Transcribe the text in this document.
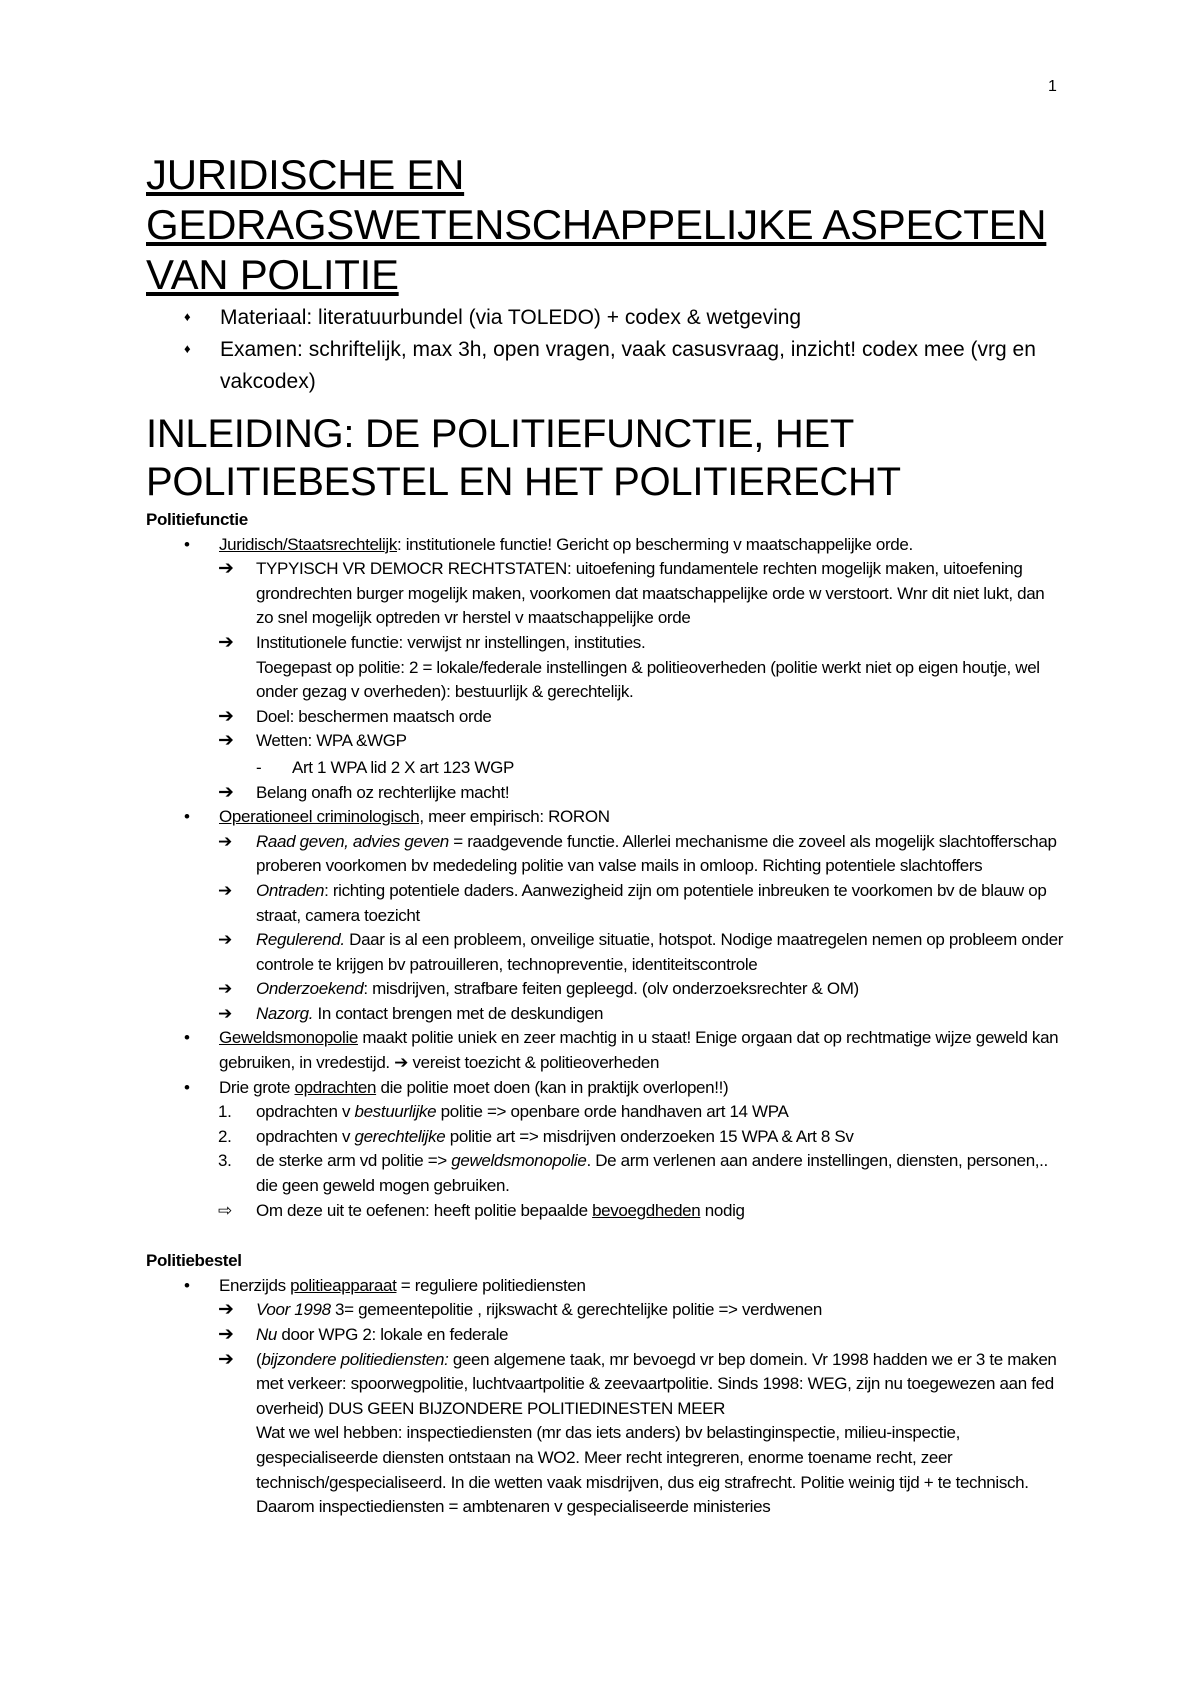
1
JURIDISCHE EN
GEDRAGSWETENSCHAPPELIJKE ASPECTEN
VAN POLITIE
♦ Materiaal: literatuurbundel (via TOLEDO) + codex & wetgeving
♦ Examen: schriftelijk, max 3h, open vragen, vaak casusvraag, inzicht! codex mee (vrg en vakcodex)
INLEIDING: DE POLITIEFUNCTIE, HET
POLITIEBESTEL EN HET POLITIERECHT
Politiefunctie
• Juridisch/Staatsrechtelijk: institutionele functie! Gericht op bescherming v maatschappelijke orde.
➔ TYPYISCH VR DEMOCR RECHTSTATEN: uitoefening fundamentele rechten mogelijk maken, uitoefening grondrechten burger mogelijk maken, voorkomen dat maatschappelijke orde w verstoort. Wnr dit niet lukt, dan zo snel mogelijk optreden vr herstel v maatschappelijke orde
➔ Institutionele functie: verwijst nr instellingen, instituties.
Toegepast op politie: 2 = lokale/federale instellingen & politieoverheden (politie werkt niet op eigen houtje, wel onder gezag v overheden): bestuurlijk & gerechtelijk.
➔ Doel: beschermen maatsch orde
➔ Wetten: WPA &WGP
- Art 1 WPA lid 2 X art 123 WGP
➔ Belang onafh oz rechterlijke macht!
• Operationeel criminologisch, meer empirisch: RORON
➔ Raad geven, advies geven = raadgevende functie. Allerlei mechanisme die zoveel als mogelijk slachtofferschap proberen voorkomen bv mededeling politie van valse mails in omloop. Richting potentiele slachtoffers
➔ Ontraden: richting potentiele daders. Aanwezigheid zijn om potentiele inbreuken te voorkomen bv de blauw op straat, camera toezicht
➔ Regulerend. Daar is al een probleem, onveilige situatie, hotspot. Nodige maatregelen nemen op probleem onder controle te krijgen bv patrouilleren, technopreventie, identiteitscontrole
➔ Onderzoekend: misdrijven, strafbare feiten gepleegd. (olv onderzoeksrechter & OM)
➔ Nazorg. In contact brengen met de deskundigen
• Geweldsmonopolie maakt politie uniek en zeer machtig in u staat! Enige orgaan dat op rechtmatige wijze geweld kan gebruiken, in vredestijd. ➔ vereist toezicht & politieoverheden
• Drie grote opdrachten die politie moet doen (kan in praktijk overlopen!!)
1. opdrachten v bestuurlijke politie => openbare orde handhaven art 14 WPA
2. opdrachten v gerechtelijke politie art => misdrijven onderzoeken 15 WPA & Art 8 Sv
3. de sterke arm vd politie => geweldsmonopolie. De arm verlenen aan andere instellingen, diensten, personen,.. die geen geweld mogen gebruiken.
⇨ Om deze uit te oefenen: heeft politie bepaalde bevoegdheden nodig
Politiebestel
• Enerzijds politieapparaat = reguliere politiediensten
➔ Voor 1998 3= gemeentepolitie , rijkswacht & gerechtelijke politie => verdwenen
➔ Nu door WPG 2: lokale en federale
➔ (bijzondere politiediensten: geen algemene taak, mr bevoegd vr bep domein. Vr 1998 hadden we er 3 te maken met verkeer: spoorwegpolitie, luchtvaartpolitie & zeevaartpolitie. Sinds 1998: WEG, zijn nu toegewezen aan fed overheid) DUS GEEN BIJZONDERE POLITIEDINESTEN MEER
Wat we wel hebben: inspectiediensten (mr das iets anders) bv belastinginspectie, milieu-inspectie, gespecialiseerde diensten ontstaan na WO2. Meer recht integreren, enorme toename recht, zeer technisch/gespecialiseerd. In die wetten vaak misdrijven, dus eig strafrecht. Politie weinig tijd + te technisch. Daarom inspectiediensten = ambtenaren v gespecialiseerde ministeries
